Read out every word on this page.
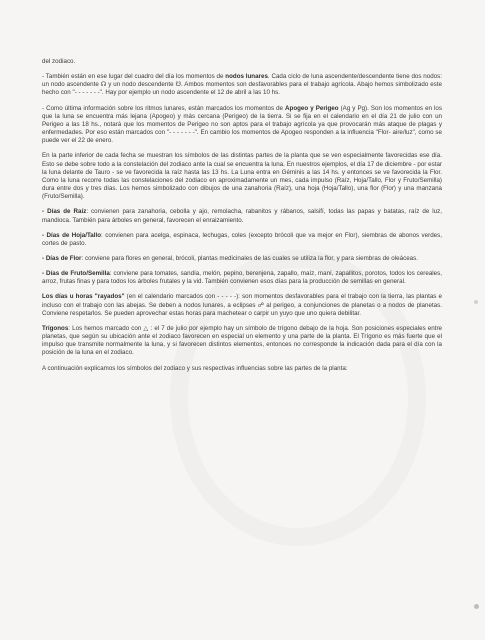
del zodiaco.

- También están en ese lugar del cuadro del día los momentos de nodos lunares. Cada ciclo de luna ascendente/descendente tiene dos nodos: un nodo ascendente ☊ y un nodo descendente ☋. Ambos momentos son desfavorables para el trabajo agrícola. Abajo hemos simbolizado este hecho con "- - - - - - -". Hay por ejemplo un nodo ascendente el 12 de abril a las 10 hs.

- Como última información sobre los ritmos lunares, están marcados los momentos de Apogeo y Perigeo (Ag y Pg). Son los momentos en los que la luna se encuentra más lejana (Apogeo) y más cercana (Perigeo) de la tierra. Si se fija en el calendario en el día 21 de julio con un Perigeo a las 18 hs., notará que los momentos de Perigeo no son aptos para el trabajo agrícola ya que provocarán más ataque de plagas y enfermedades. Por eso están marcados con "- - - - - - -". En cambio los momentos de Apogeo responden a la influencia "Flor- aire/luz", como se puede ver el 22 de enero.

En la parte inferior de cada fecha se muestran los símbolos de las distintas partes de la planta que se ven especialmente favorecidas ese día. Esto se debe sobre todo a la constelación del zodiaco ante la cual se encuentra la luna. En nuestros ejemplos, el día 17 de diciembre - por estar la luna delante de Tauro - se ve favorecida la raíz hasta las 13 hs. La Luna entra en Géminis a las 14 hs. y entonces se ve favorecida la Flor. Como la luna recorre todas las constelaciones del zodiaco en aproximadamente un mes, cada impulso (Raíz, Hoja/Tallo, Flor y Fruto/Semilla) dura entre dos y tres días. Los hemos simbolizado con dibujos de una zanahoria (Raíz), una hoja (Hoja/Tallo), una flor (Flor) y una manzana (Fruto/Semilla).

- Días de Raíz: convienen para zanahoria, cebolla y ajo, remolacha, rabanitos y rábanos, salsifí, todas las papas y batatas, raíz de luz, mandioca. También para árboles en general, favorecen el enraizamiento.

- Días de Hoja/Tallo: convienen para acelga, espinaca, lechugas, coles (excepto brócoli que va mejor en Flor), siembras de abonos verdes, cortes de pasto.

- Días de Flor: conviene para flores en general, brócoli, plantas medicinales de las cuales se utiliza la flor, y para siembras de oleáceas.

- Días de Fruto/Semilla: conviene para tomates, sandía, melón, pepino, berenjena, zapallo, maíz, maní, zapallitos, porotos, todos los cereales, arroz, frutas finas y para todos los árboles frutales y la vid. También convienen esos días para la producción de semillas en general.

Los días u horas "rayados" (en el calendario marcados con - - - - -): son momentos desfavorables para el trabajo con la tierra, las plantas e incluso con el trabajo con las abejas. Se deben a nodos lunares, a eclipses ☍ al perigeo, a conjunciones de planetas o a nodos de planetas. Conviene respetarlos. Se pueden aprovechar estas horas para machetear o carpir un yuyo que uno quiera debilitar.

Trígonos: Los hemos marcado con △ : el 7 de julio por ejemplo hay un símbolo de trígono debajo de la hoja. Son posiciones especiales entre planetas, que según su ubicación ante el zodiaco favorecen en especial un elemento y una parte de la planta. El Trígono es más fuerte que el impulso que transmite normalmente la luna, y si favorecen distintos elementos, entonces no corresponde la indicación dada para el día con la posición de la luna en el zodiaco.

A continuación explicamos los símbolos del zodiaco y sus respectivas influencias sobre las partes de la planta:
